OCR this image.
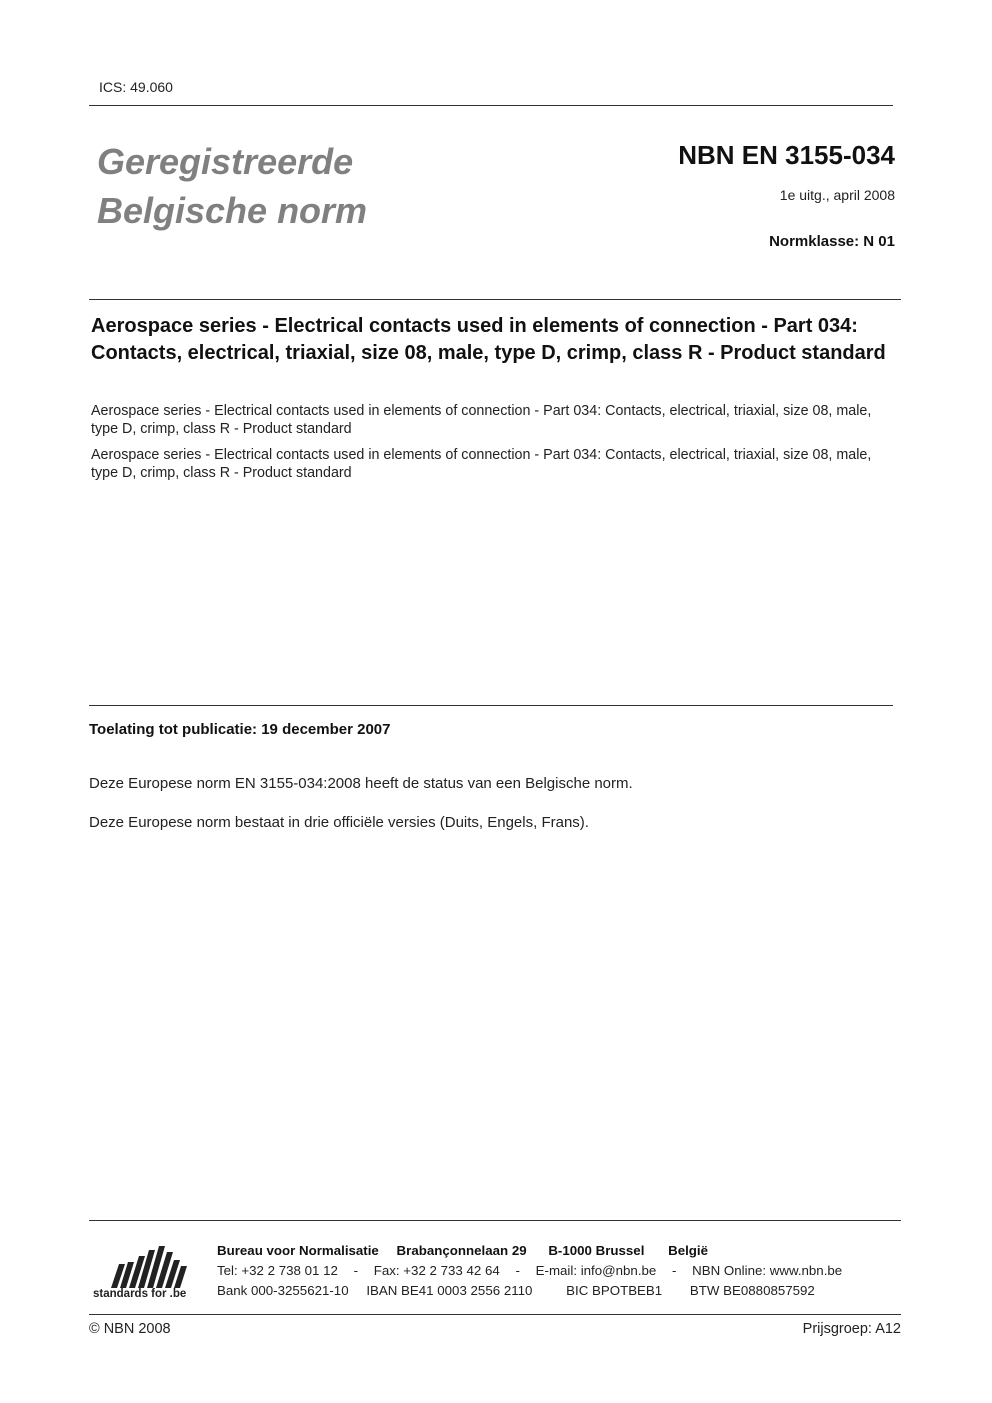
ICS: 49.060
Geregistreerde
Belgische norm
NBN EN 3155-034
1e uitg., april 2008
Normklasse: N 01
Aerospace series - Electrical contacts used in elements of connection - Part 034: Contacts, electrical, triaxial, size 08, male, type D, crimp, class R - Product standard
Aerospace series - Electrical contacts used in elements of connection - Part 034: Contacts, electrical, triaxial, size 08, male, type D, crimp, class R - Product standard
Aerospace series - Electrical contacts used in elements of connection - Part 034: Contacts, electrical, triaxial, size 08, male, type D, crimp, class R - Product standard
Toelating tot publicatie: 19 december 2007
Deze Europese norm EN 3155-034:2008 heeft de status van een Belgische norm.
Deze Europese norm bestaat in drie officiële versies (Duits, Engels, Frans).
standards for .be
Bureau voor Normalisatie Brabançonnelaan 29 B-1000 Brussel België
Tel: +32 2 738 01 12 - Fax: +32 2 733 42 64 - E-mail: info@nbn.be - NBN Online: www.nbn.be
Bank 000-3255621-10 IBAN BE41 0003 2556 2110	BIC BPOTBEB1 BTW BE0880857592
© NBN 2008	Prijsgroep: A12
